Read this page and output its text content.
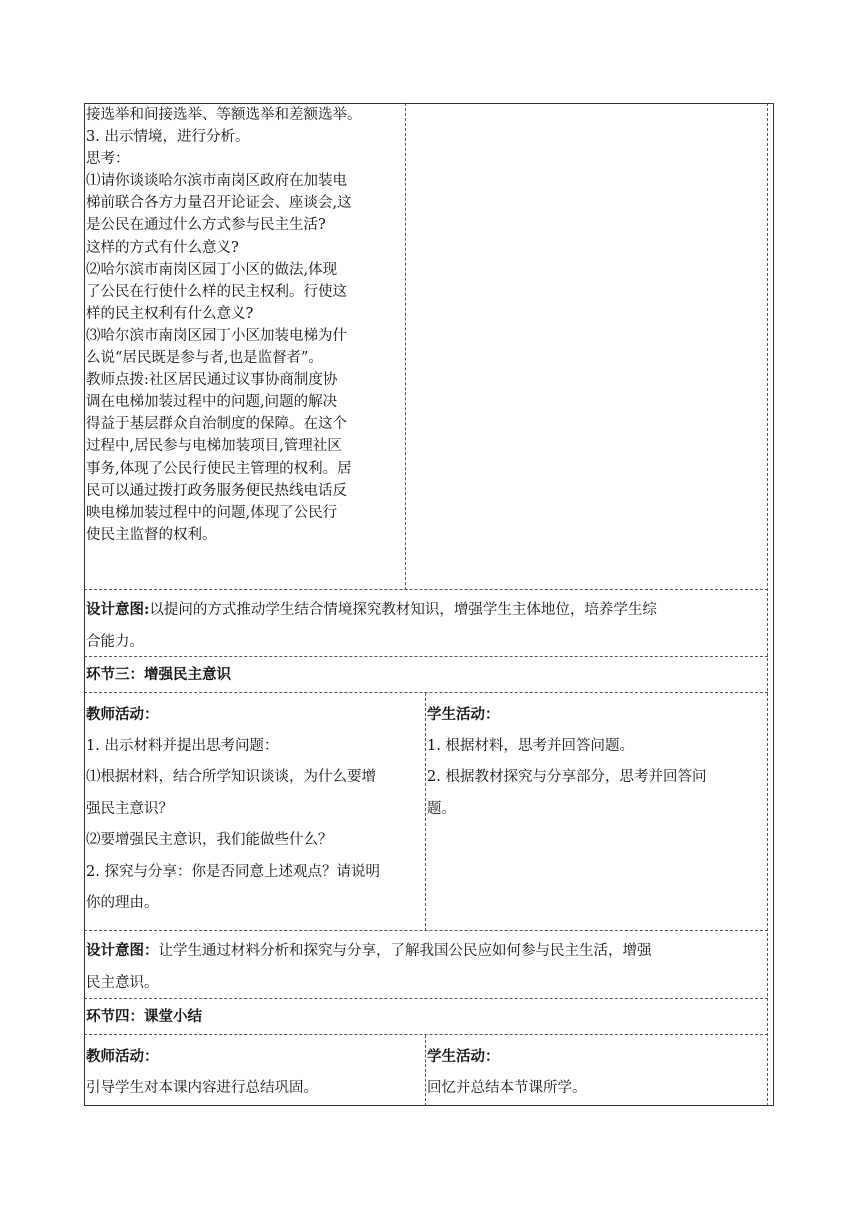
接选举和间接选举、等额选举和差额选举。

3. 出示情境，进行分析。

思考：

⑴请你谈谈哈尔滨市南岗区政府在加装电

梯前联合各方力量召开论证会、座谈会,这

是公民在通过什么方式参与民主生活?

这样的方式有什么意义?

⑵哈尔滨市南岗区园丁小区的做法,体现

了公民在行使什么样的民主权利。行使这

样的民主权利有什么意义?

⑶哈尔滨市南岗区园丁小区加装电梯为什

么说“居民既是参与者,也是监督者”。

教师点拨:社区居民通过议事协商制度协

调在电梯加装过程中的问题,问题的解决

得益于基层群众自治制度的保障。在这个

过程中,居民参与电梯加装项目,管理社区

事务,体现了公民行使民主管理的权利。居

民可以通过拨打政务服务便民热线电话反

映电梯加装过程中的问题,体现了公民行

使民主监督的权利。

设计意图:以提问的方式推动学生结合情境探究教材知识，增强学生主体地位，培养学生综

合能力。

环节三：增强民主意识

教师活动：

1. 出示材料并提出思考问题：

⑴根据材料，结合所学知识谈谈，为什么要增

强民主意识？

⑵要增强民主意识，我们能做些什么？

2. 探究与分享：你是否同意上述观点？请说明

你的理由。

学生活动：

1. 根据材料，思考并回答问题。

2. 根据教材探究与分享部分，思考并回答问

题。

设计意图：让学生通过材料分析和探究与分享，了解我国公民应如何参与民主生活，增强

民主意识。

环节四：课堂小结

教师活动：

引导学生对本课内容进行总结巩固。

学生活动：

回忆并总结本节课所学。
